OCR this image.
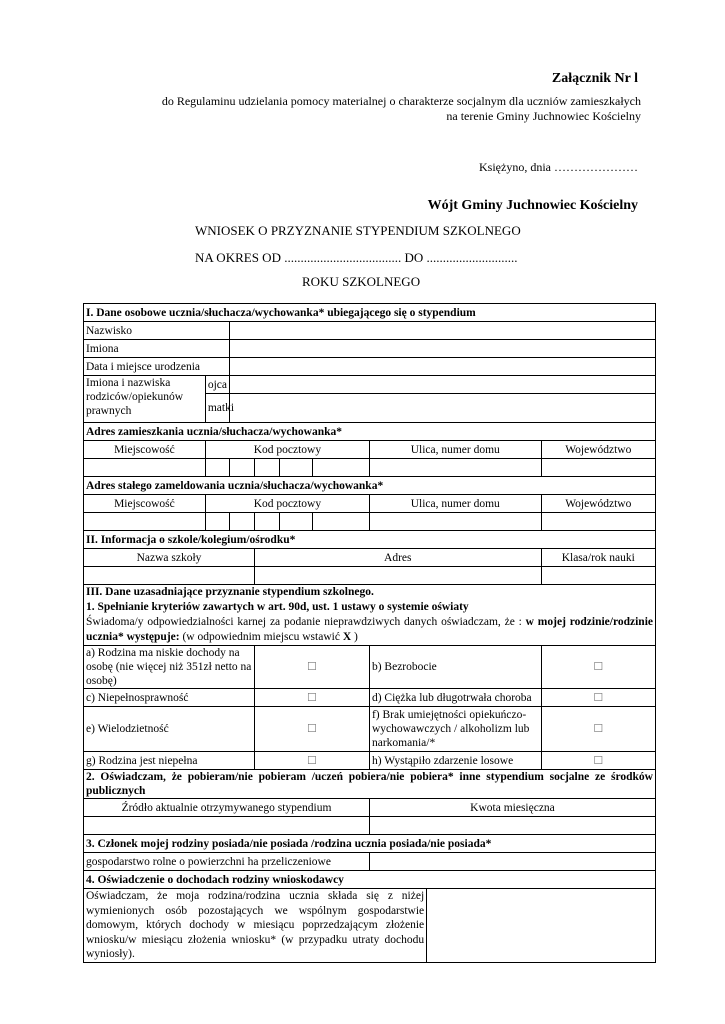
Załącznik Nr l
do Regulaminu udzielania pomocy materialnej o charakterze socjalnym dla uczniów zamieszkałych
na terenie Gminy Juchnowiec Kościelny
Księżyno, dnia …………………
Wójt Gminy Juchnowiec Kościelny
WNIOSEK O PRZYZNANIE STYPENDIUM SZKOLNEGO
NA OKRES OD .................................... DO ............................
ROKU SZKOLNEGO
I. Dane osobowe ucznia/słuchacza/wychowanka* ubiegającego się o stypendium								
Nazwisko								
Imiona								
Data i miejsce urodzenia								
Imiona i nazwiska rodziców/opiekunów prawnych	ojca							
	matki							
Adres zamieszkania ucznia/słuchacza/wychowanka*								
Miejscowość	Kod pocztowy					Ulica, numer domu		Województwo

Adres stałego zameldowania ucznia/słuchacza/wychowanka*								
Miejscowość	Kod pocztowy					Ulica, numer domu		Województwo

II. Informacja o szkole/kolegium/ośrodku*								
Nazwa szkoły			Adres					Klasa/rok nauki

III. Dane uzasadniające przyznanie stypendium szkolnego.
1. Spełnianie kryteriów zawartych w art. 90d, ust. 1 ustawy o systemie oświaty
Świadoma/y odpowiedzialności karnej za podanie nieprawdziwych danych oświadczam, że : w mojej rodzinie/rodzinie ucznia* występuje: (w odpowiednim miejscu wstawić X )								

a) Rodzina ma niskie dochody na osobę (nie więcej niż 351zł netto na osobę)			☐			b) Bezrobocie		☐
c) Niepełnosprawność			☐			d) Ciężka lub długotrwała choroba		☐
e) Wielodzietność			☐			f) Brak umiejętności opiekuńczo-wychowawczych / alkoholizm lub narkomania/*		☐
g) Rodzina jest niepełna			☐			h) Wystąpiło zdarzenie losowe		☐
2. Oświadczam, że pobieram/nie pobieram /uczeń pobiera/nie pobiera* inne stypendium socjalne ze środków publicznych								
Źródło aktualnie otrzymywanego stypendium						Kwota miesięczna		

3. Członek mojej rodziny posiada/nie posiada /rodzina ucznia posiada/nie posiada*								
gospodarstwo rolne o powierzchni ha przeliczeniowe								
4. Oświadczenie o dochodach rodziny wnioskodawcy								
Oświadczam, że moja rodzina/rodzina ucznia składa się z niżej wymienionych osób pozostających we wspólnym gospodarstwie domowym, których dochody w miesiącu poprzedzającym złożenie wniosku/w miesiącu złożenia wniosku* (w przypadku utraty dochodu wyniosły).								
